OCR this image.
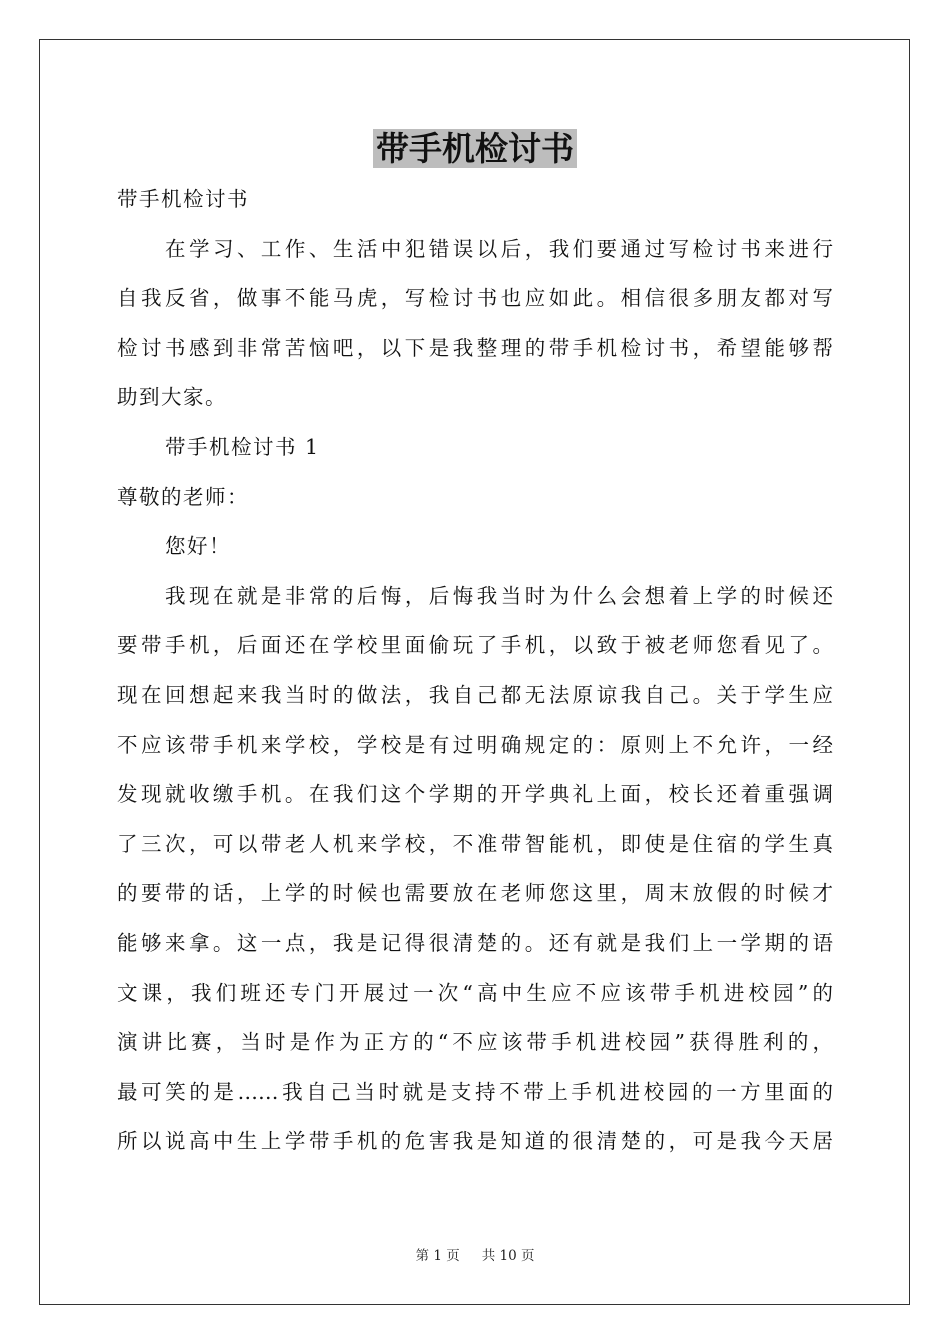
带手机检讨书
带手机检讨书
在学习、工作、生活中犯错误以后，我们要通过写检讨书来进行
自我反省，做事不能马虎，写检讨书也应如此。相信很多朋友都对写
检讨书感到非常苦恼吧，以下是我整理的带手机检讨书，希望能够帮
助到大家。
带手机检讨书 1
尊敬的老师：
您好！
我现在就是非常的后悔，后悔我当时为什么会想着上学的时候还
要带手机，后面还在学校里面偷玩了手机，以致于被老师您看见了。
现在回想起来我当时的做法，我自己都无法原谅我自己。关于学生应
不应该带手机来学校，学校是有过明确规定的：原则上不允许，一经
发现就收缴手机。在我们这个学期的开学典礼上面，校长还着重强调
了三次，可以带老人机来学校，不准带智能机，即使是住宿的学生真
的要带的话，上学的时候也需要放在老师您这里，周末放假的时候才
能够来拿。这一点，我是记得很清楚的。还有就是我们上一学期的语
文课，我们班还专门开展过一次“高中生应不应该带手机进校园”的
演讲比赛，当时是作为正方的“不应该带手机进校园”获得胜利的，
最可笑的是……我自己当时就是支持不带上手机进校园的一方里面的
所以说高中生上学带手机的危害我是知道的很清楚的，可是我今天居
第 1 页 共 10 页
